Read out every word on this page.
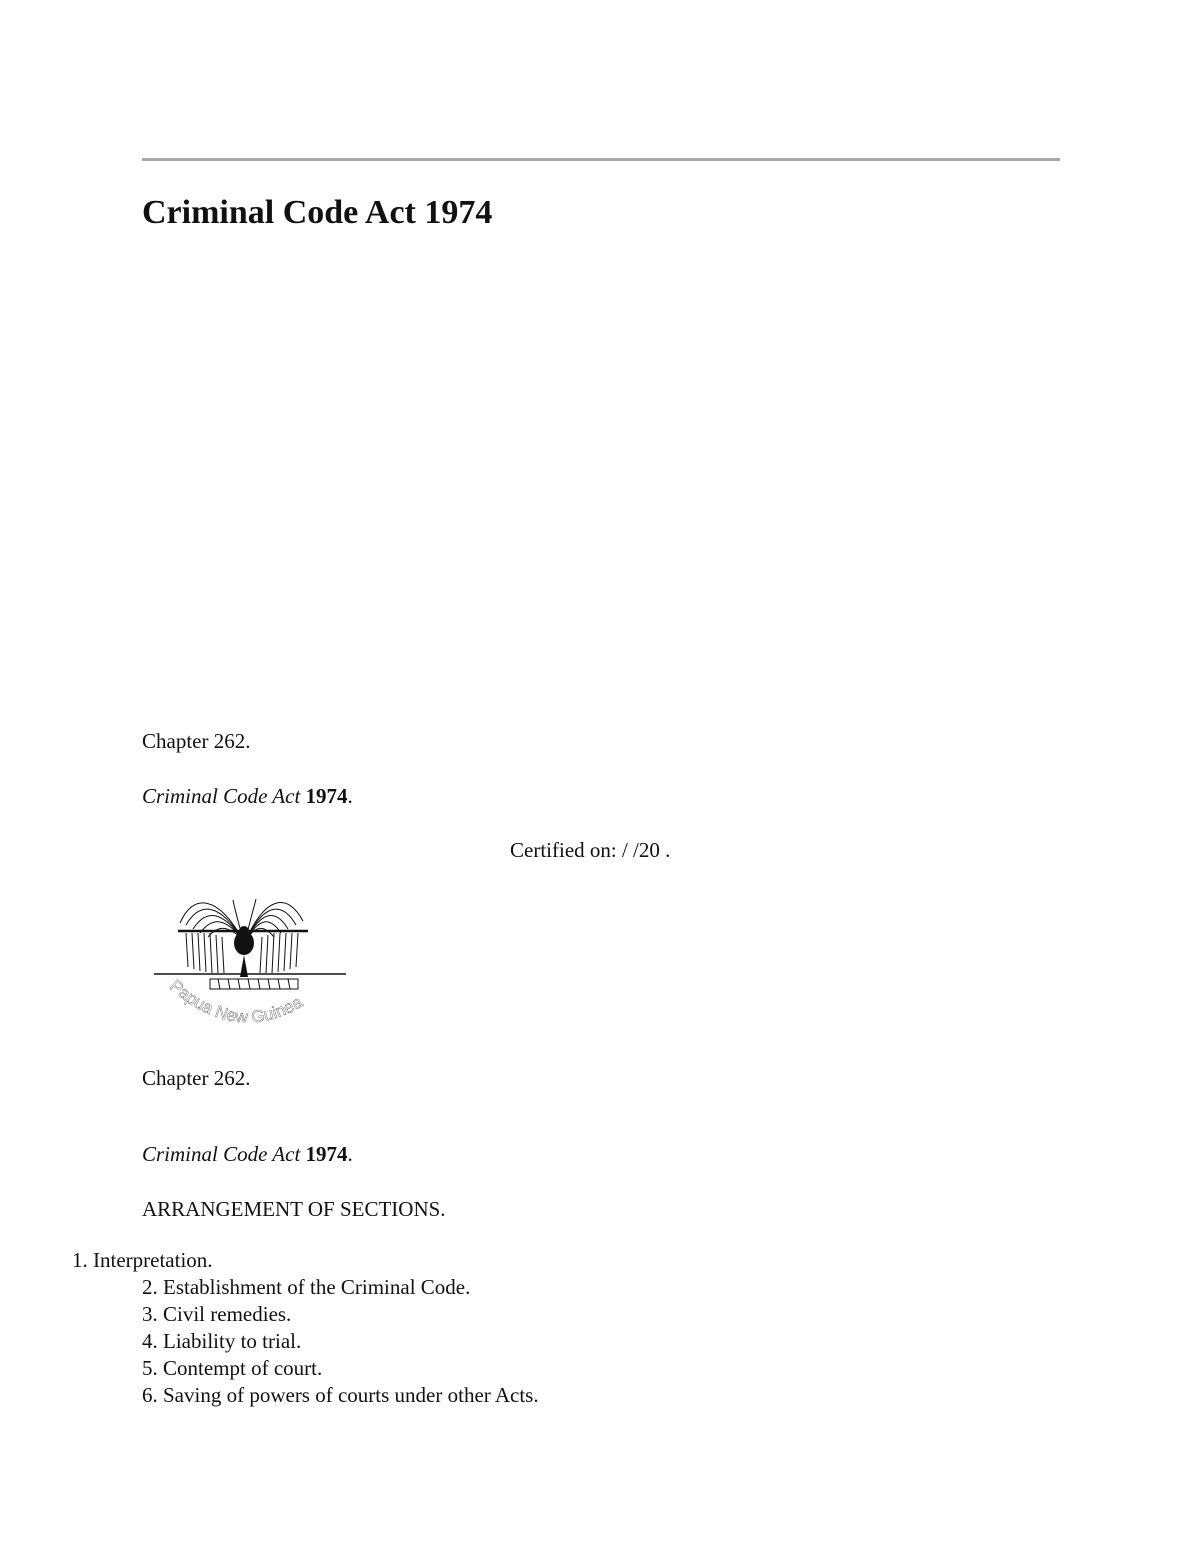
Criminal Code Act 1974
Chapter 262.
Criminal Code Act 1974.
Certified on: / /20 .
Papua New Guinea
Chapter 262.
Criminal Code Act 1974.
ARRANGEMENT OF SECTIONS.
1. Interpretation.
2. Establishment of the Criminal Code.
3. Civil remedies.
4. Liability to trial.
5. Contempt of court.
6. Saving of powers of courts under other Acts.
